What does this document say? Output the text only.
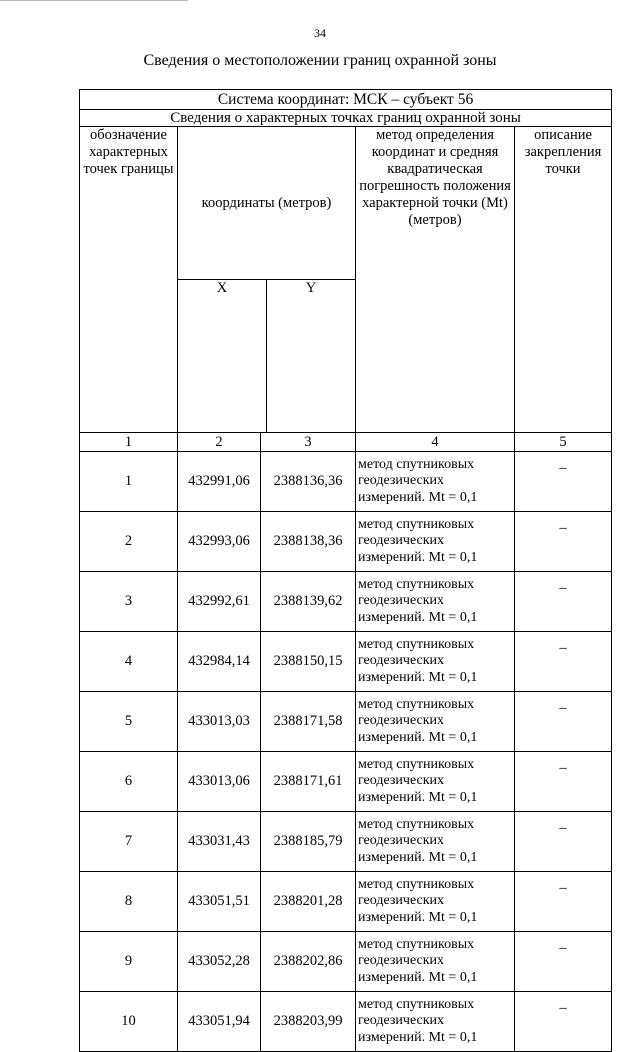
34
Сведения о местоположении границ охранной зоны
Система координат: МСК – субъект 56
Сведения о характерных точках границ охранной зоны
обозначение характерных точек границы	
координаты (метров)
X	Y
	метод определения координат и средняя квадратическая погрешность положения характерной точки (Mt) (метров)	описание закрепления точки
1	2	3	4	5
1	432991,06	2388136,36	метод спутниковых геодезических измерений. Mt = 0,1	–
2	432993,06	2388138,36	метод спутниковых геодезических измерений. Mt = 0,1	–
3	432992,61	2388139,62	метод спутниковых геодезических измерений. Mt = 0,1	–
4	432984,14	2388150,15	метод спутниковых геодезических измерений. Mt = 0,1	–
5	433013,03	2388171,58	метод спутниковых геодезических измерений. Mt = 0,1	–
6	433013,06	2388171,61	метод спутниковых геодезических измерений. Mt = 0,1	–
7	433031,43	2388185,79	метод спутниковых геодезических измерений. Mt = 0,1	–
8	433051,51	2388201,28	метод спутниковых геодезических измерений. Mt = 0,1	–
9	433052,28	2388202,86	метод спутниковых геодезических измерений. Mt = 0,1	–
10	433051,94	2388203,99	метод спутниковых геодезических измерений. Mt = 0,1	–
